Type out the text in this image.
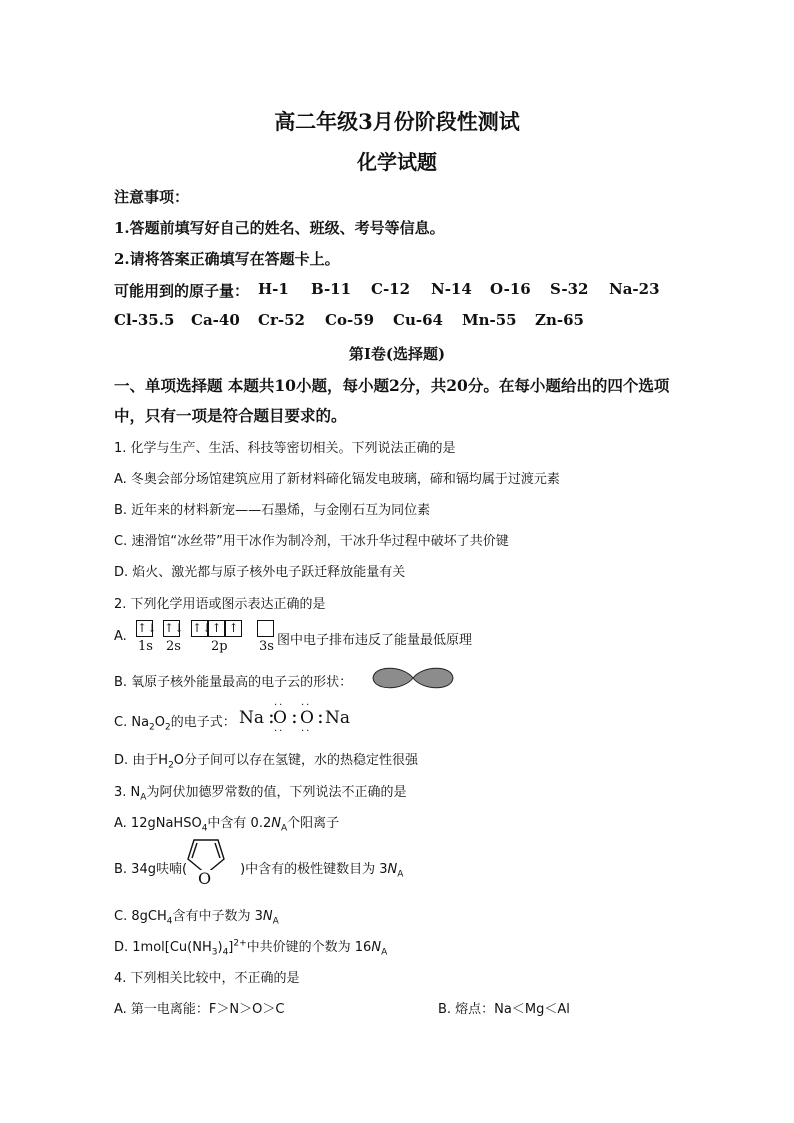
高二年级3月份阶段性测试
化学试题
注意事项：
1.答题前填写好自己的姓名、班级、考号等信息。
2.请将答案正确填写在答题卡上。
可能用到的原子量： H-1 B-11 C-12 N-14 O-16 S-32 Na-23
Cl-35.5 Ca-40 Cr-52 Co-59 Cu-64 Mn-55 Zn-65
第I卷(选择题)
一、单项选择题 本题共10小题，每小题2分，共20分。在每小题给出的四个选项
中，只有一项是符合题目要求的。
1. 化学与生产、生活、科技等密切相关。下列说法正确的是
A. 冬奥会部分场馆建筑应用了新材料碲化镉发电玻璃，碲和镉均属于过渡元素
B. 近年来的材料新宠——石墨烯，与金刚石互为同位素
C. 速滑馆“冰丝带”用干冰作为制冷剂，干冰升华过程中破坏了共价键
D. 焰火、激光都与原子核外电子跃迁释放能量有关
2. 下列化学用语或图示表达正确的是
A.
↑↓ ↑↓ ↑↓ ↑ ↑
1s 2s 2p 3s 图中电子排布违反了能量最低原理
B. 氧原子核外能量最高的电子云的形状：
C. $Na_2O_2$的电子式： Na :
O
··
··
: O
··
··
: Na
D. 由于$H_2O$分子间可以存在氢键，水的热稳定性很强
3. $N_A$为阿伏加德罗常数的值，下列说法不正确的是
A. 12gNaHSO$_4$中含有 $0.2N_A$个阳离子
B. 34g呋喃(	)中含有的极性键数目为 $3N_A$
O
C. 8gCH$_4$含有中子数为 $3N_A$
D. $1mol[Cu(NH_3)_4]^{2+}$中共价键的个数为 $16N_A$
4. 下列相关比较中，不正确的是
A. 第一电离能：F＞N＞O＞C	B. 熔点：Na＜Mg＜Al
